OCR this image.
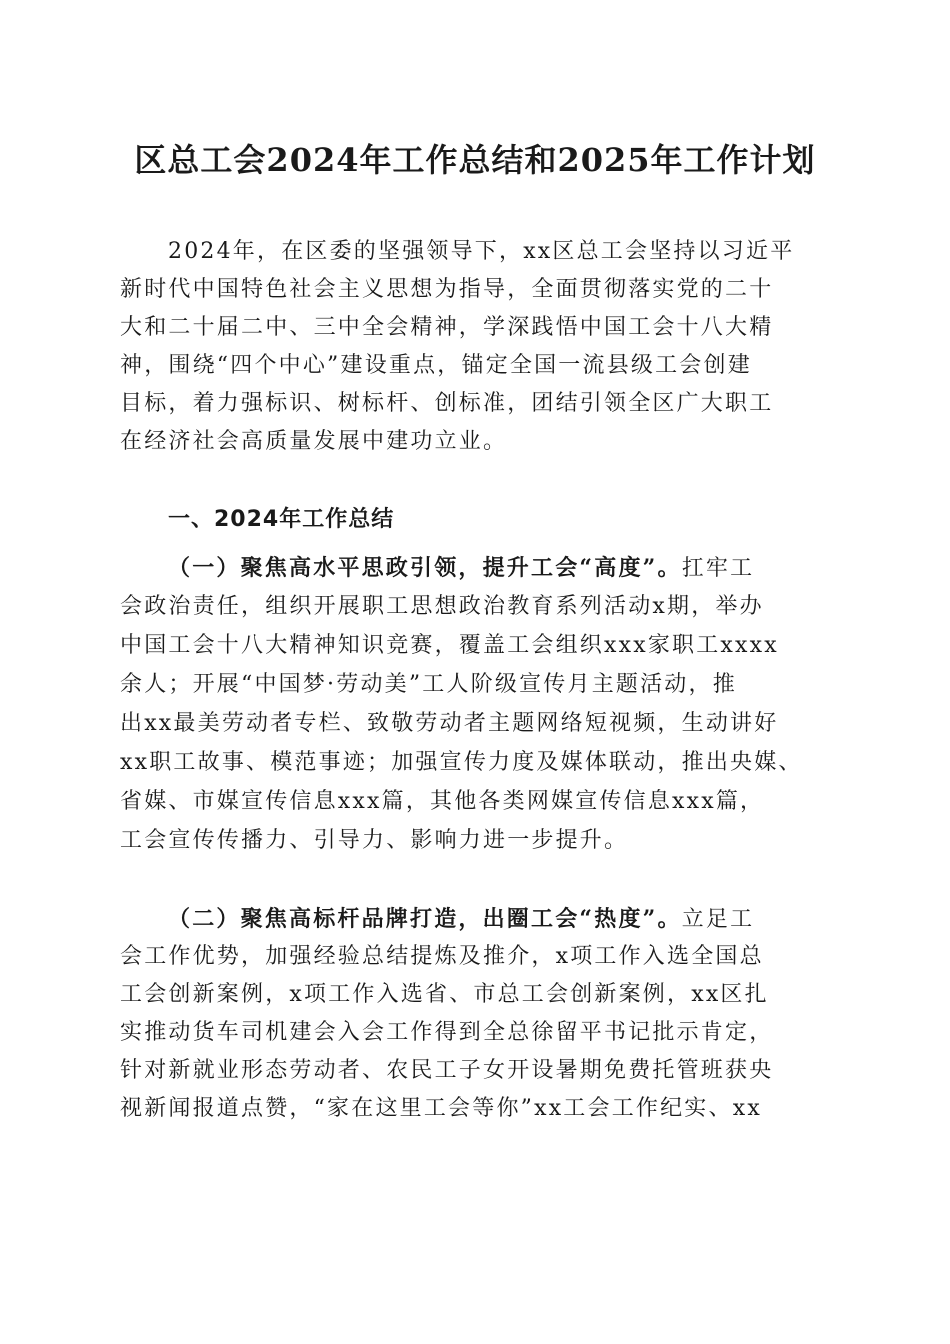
区总工会2024年工作总结和2025年工作计划
2024年，在区委的坚强领导下，xx区总工会坚持以习近平
新时代中国特色社会主义思想为指导，全面贯彻落实党的二十
大和二十届二中、三中全会精神，学深践悟中国工会十八大精
神，围绕“四个中心”建设重点，锚定全国一流县级工会创建
目标，着力强标识、树标杆、创标准，团结引领全区广大职工
在经济社会高质量发展中建功立业。
一、2024年工作总结
（一）聚焦高水平思政引领，提升工会“高度”。扛牢工
会政治责任，组织开展职工思想政治教育系列活动x期，举办
中国工会十八大精神知识竞赛，覆盖工会组织xxx家职工xxxx
余人；开展“中国梦·劳动美”工人阶级宣传月主题活动，推
出xx最美劳动者专栏、致敬劳动者主题网络短视频，生动讲好
xx职工故事、模范事迹；加强宣传力度及媒体联动，推出央媒、
省媒、市媒宣传信息xxx篇，其他各类网媒宣传信息xxx篇，
工会宣传传播力、引导力、影响力进一步提升。
（二）聚焦高标杆品牌打造，出圈工会“热度”。立足工
会工作优势，加强经验总结提炼及推介，x项工作入选全国总
工会创新案例，x项工作入选省、市总工会创新案例，xx区扎
实推动货车司机建会入会工作得到全总徐留平书记批示肯定，
针对新就业形态劳动者、农民工子女开设暑期免费托管班获央
视新闻报道点赞，“家在这里工会等你”xx工会工作纪实、xx
